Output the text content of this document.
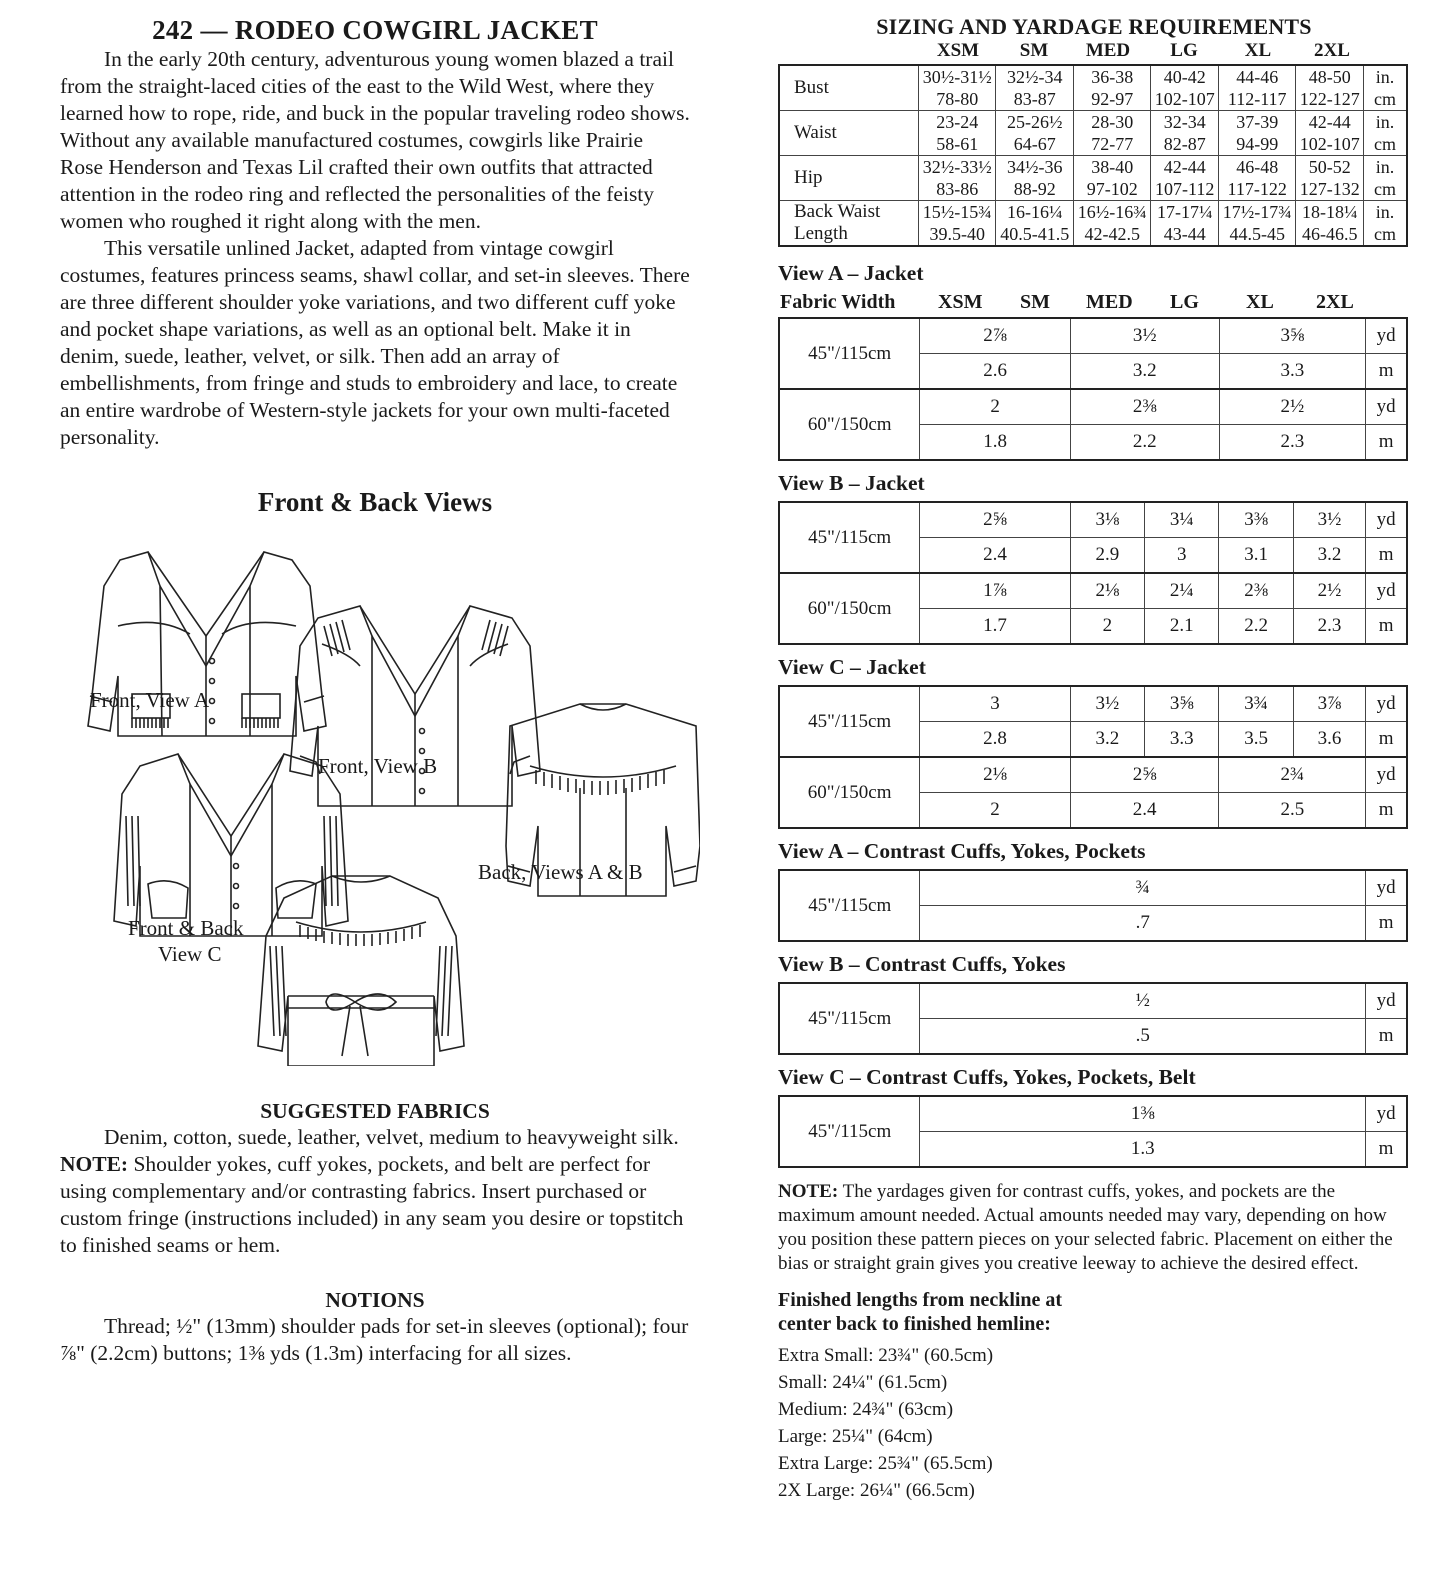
242 — RODEO COWGIRL JACKET

In the early 20th century, adventurous young women blazed a trail from the straight-laced cities of the east to the Wild West, where they learned how to rope, ride, and buck in the popular traveling rodeo shows. Without any available manufactured costumes, cowgirls like Prairie Rose Henderson and Texas Lil crafted their own outfits that attracted attention in the rodeo ring and reflected the personalities of the feisty women who roughed it right along with the men.

This versatile unlined Jacket, adapted from vintage cowgirl costumes, features princess seams, shawl collar, and set-in sleeves. There are three different shoulder yoke variations, and two different cuff yoke and pocket shape variations, as well as an optional belt. Make it in denim, suede, leather, velvet, or silk. Then add an array of embellishments, from fringe and studs to embroidery and lace, to create an entire wardrobe of Western-style jackets for your own multi-faceted personality.

Front & Back Views
Front, View A
Front, View B
Back, Views A & B
Front & Back
View C
SUGGESTED FABRICS

Denim, cotton, suede, leather, velvet, medium to heavyweight silk. NOTE: Shoulder yokes, cuff yokes, pockets, and belt are perfect for using complementary and/or contrasting fabrics. Insert purchased or custom fringe (instructions included) in any seam you desire or topstitch to finished seams or hem.

NOTIONS

Thread; ½" (13mm) shoulder pads for set-in sleeves (optional); four ⅞" (2.2cm) buttons; 1⅜ yds (1.3m) interfacing for all sizes.

SIZING AND YARDAGE REQUIREMENTS
XSM	SM	MED	LG	XL	2XL
Bust	30½-31½	32½-34	36-38	40-42	44-46	48-50	in.
	78-80	83-87	92-97	102-107	112-117	122-127	cm
Waist	23-24	25-26½	28-30	32-34	37-39	42-44	in.
	58-61	64-67	72-77	82-87	94-99	102-107	cm
Hip	32½-33½	34½-36	38-40	42-44	46-48	50-52	in.
	83-86	88-92	97-102	107-112	117-122	127-132	cm
Back Waist Length	15½-15¾	16-16¼	16½-16¾	17-17¼	17½-17¾	18-18¼	in.
	39.5-40	40.5-41.5	42-42.5	43-44	44.5-45	46-46.5	cm
View A – Jacket
Fabric Width XSM SM MED LG XL 2XL
45"/115cm	2⅞	3½	3⅝	yd
	2.6	3.2	3.3	m
60"/150cm	2	2⅜	2½	yd
	1.8	2.2	2.3	m
View B – Jacket
45"/115cm	2⅝	3⅛	3¼	3⅜	3½	yd
	2.4	2.9	3	3.1	3.2	m
60"/150cm	1⅞	2⅛	2¼	2⅜	2½	yd
	1.7	2	2.1	2.2	2.3	m
View C – Jacket
45"/115cm	3	3½	3⅝	3¾	3⅞	yd
	2.8	3.2	3.3	3.5	3.6	m
60"/150cm	2⅛	2⅝		2¾		yd
	2	2.4		2.5		m
View A – Contrast Cuffs, Yokes, Pockets
45"/115cm	¾	yd
	.7	m
View B – Contrast Cuffs, Yokes
45"/115cm	½	yd
	.5	m
View C – Contrast Cuffs, Yokes, Pockets, Belt
45"/115cm	1⅜	yd
	1.3	m

NOTE: The yardages given for contrast cuffs, yokes, and pockets are the maximum amount needed. Actual amounts needed may vary, depending on how you position these pattern pieces on your selected fabric. Placement on either the bias or straight grain gives you creative leeway to achieve the desired effect.

Finished lengths from neckline at
center back to finished hemline:

Extra Small: 23¾" (60.5cm)

Small: 24¼" (61.5cm)

Medium: 24¾" (63cm)

Large: 25¼" (64cm)

Extra Large: 25¾" (65.5cm)

2X Large: 26¼" (66.5cm)
